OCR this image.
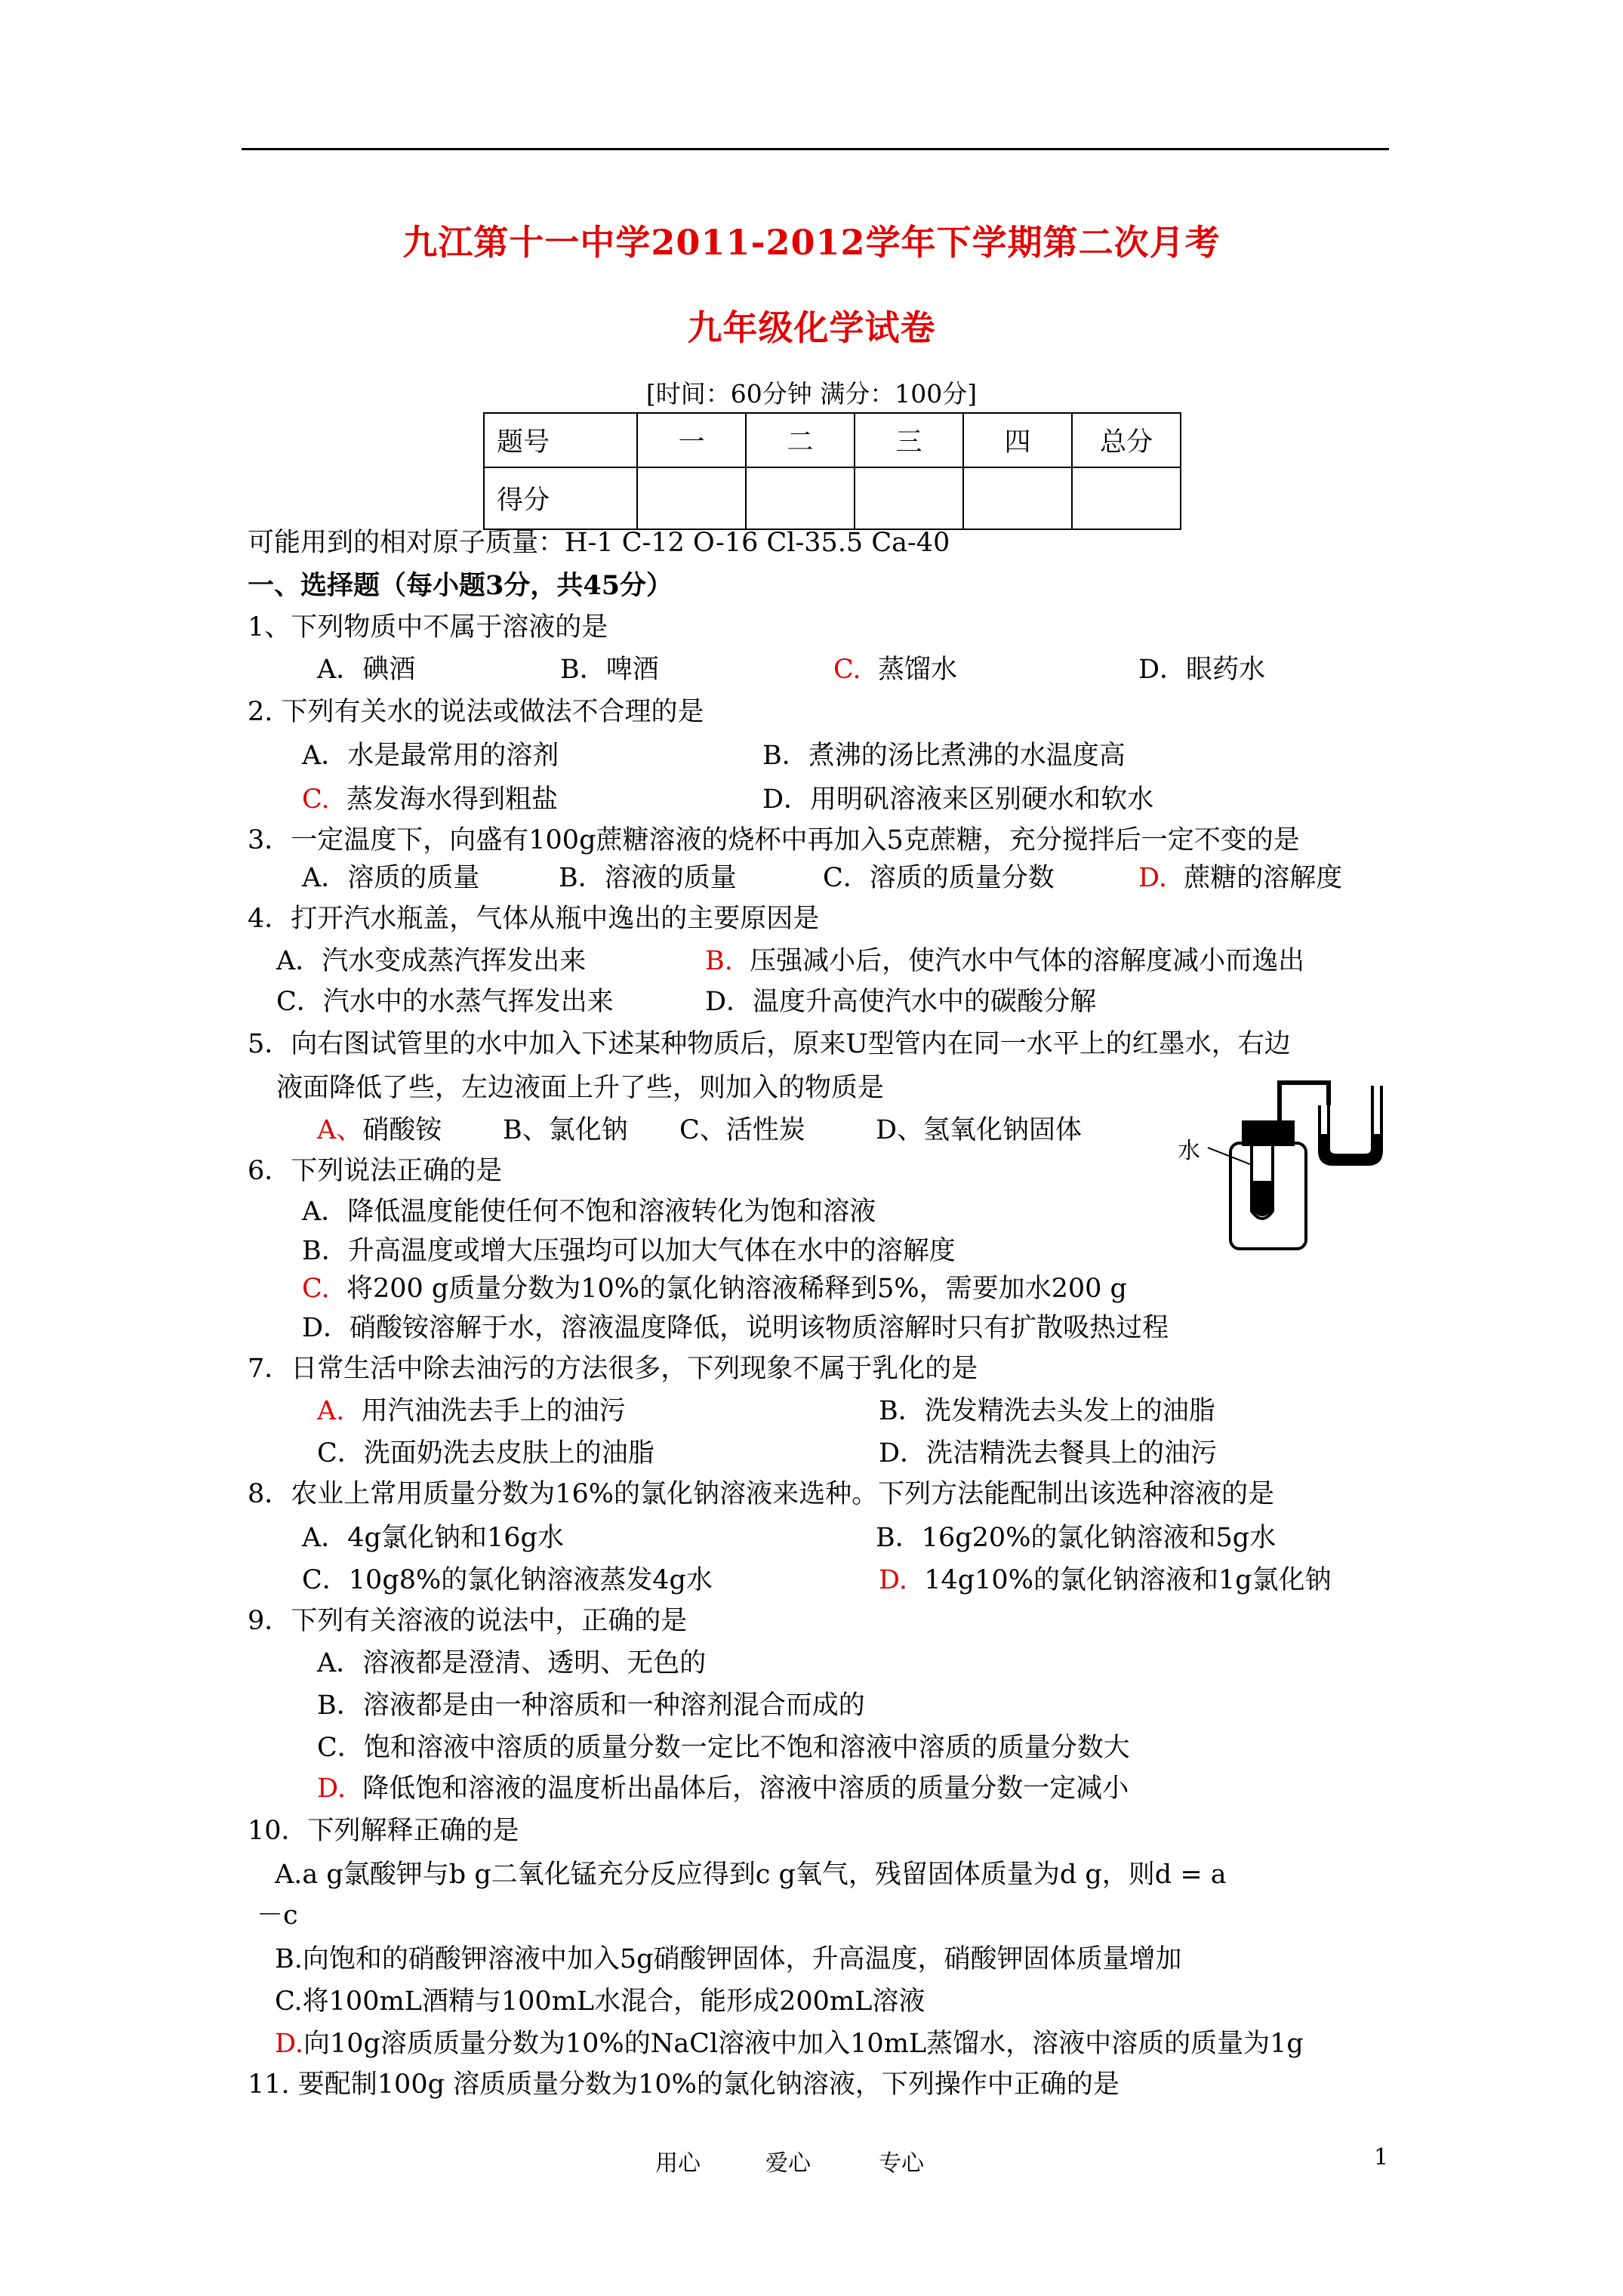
九江第十一中学2011-2012学年下学期第二次月考
九年级化学试卷
[时间：60分钟 满分：100分]
题号	一	二	三	四	总分
得分					
可能用到的相对原子质量：H-1 C-12 O-16 Cl-35.5 Ca-40
一、选择题（每小题3分，共45分）
1、下列物质中不属于溶液的是
A．碘酒	B．啤酒	C. 蒸馏水	D．眼药水
2. 下列有关水的说法或做法不合理的是
A．水是最常用的溶剂	B．煮沸的汤比煮沸的水温度高
C. 蒸发海水得到粗盐	D．用明矾溶液来区别硬水和软水
3．一定温度下，向盛有100g蔗糖溶液的烧杯中再加入5克蔗糖，充分搅拌后一定不变的是
A．溶质的质量	B．溶液的质量	C．溶质的质量分数	D. 蔗糖的溶解度
4．打开汽水瓶盖，气体从瓶中逸出的主要原因是
A．汽水变成蒸汽挥发出来	B. 压强减小后，使汽水中气体的溶解度减小而逸出
C．汽水中的水蒸气挥发出来	D．温度升高使汽水中的碳酸分解
5．向右图试管里的水中加入下述某种物质后，原来U型管内在同一水平上的红墨水，右边
液面降低了些，左边液面上升了些，则加入的物质是
A、硝酸铵 B、氯化钠 C、活性炭	D、氢氧化钠固体
水
6．下列说法正确的是
A．降低温度能使任何不饱和溶液转化为饱和溶液
B．升高温度或增大压强均可以加大气体在水中的溶解度
C. 将200 g质量分数为10%的氯化钠溶液稀释到5%，需要加水200 g
D．硝酸铵溶解于水，溶液温度降低，说明该物质溶解时只有扩散吸热过程
7．日常生活中除去油污的方法很多，下列现象不属于乳化的是
A. 用汽油洗去手上的油污	B．洗发精洗去头发上的油脂
C．洗面奶洗去皮肤上的油脂	D．洗洁精洗去餐具上的油污
8．农业上常用质量分数为16%的氯化钠溶液来选种。下列方法能配制出该选种溶液的是
A．4g氯化钠和16g水	B．16g20%的氯化钠溶液和5g水
C．10g8%的氯化钠溶液蒸发4g水	D. 14g10%的氯化钠溶液和1g氯化钠
9．下列有关溶液的说法中，正确的是
A．溶液都是澄清、透明、无色的
B．溶液都是由一种溶质和一种溶剂混合而成的
C．饱和溶液中溶质的质量分数一定比不饱和溶液中溶质的质量分数大
D. 降低饱和溶液的温度析出晶体后，溶液中溶质的质量分数一定减小
10．下列解释正确的是
A.a g氯酸钾与b g二氧化锰充分反应得到c g氧气，残留固体质量为d g，则d = a
－c
B.向饱和的硝酸钾溶液中加入5g硝酸钾固体，升高温度，硝酸钾固体质量增加
C.将100mL酒精与100mL水混合，能形成200mL溶液
D.向10g溶质质量分数为10%的NaCl溶液中加入10mL蒸馏水，溶液中溶质的质量为1g
11. 要配制100g 溶质质量分数为10%的氯化钠溶液，下列操作中正确的是
用心	爱心	专心	1
